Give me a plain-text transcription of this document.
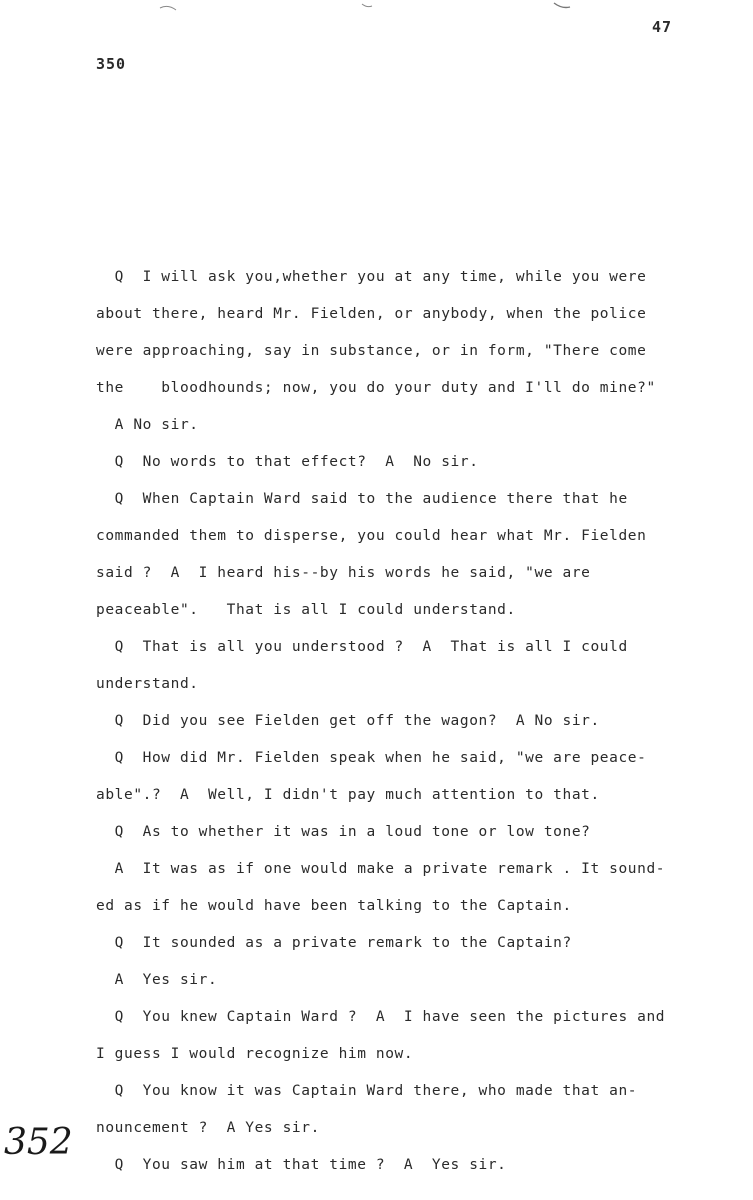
47
350
Q  I will ask you,whether you at any time, while you were
about there, heard Mr. Fielden, or anybody, when the police
were approaching, say in substance, or in form, "There come
the    bloodhounds; now, you do your duty and I'll do mine?"
A No sir.
Q  No words to that effect?  A  No sir.
Q  When Captain Ward said to the audience there that he
commanded them to disperse, you could hear what Mr. Fielden
said ?  A  I heard his--by his words he said, "we are
peaceable".   That is all I could understand.
Q  That is all you understood ?  A  That is all I could
understand.
Q  Did you see Fielden get off the wagon?  A No sir.
Q  How did Mr. Fielden speak when he said, "we are peace-
able".?  A  Well, I didn't pay much attention to that.
Q  As to whether it was in a loud tone or low tone?
A  It was as if one would make a private remark . It sound-
ed as if he would have been talking to the Captain.
Q  It sounded as a private remark to the Captain?
A  Yes sir.
Q  You knew Captain Ward ?  A  I have seen the pictures and
I guess I would recognize him now.
Q  You know it was Captain Ward there, who made that an-
nouncement ?  A Yes sir.
Q  You saw him at that time ?  A  Yes sir.
352
